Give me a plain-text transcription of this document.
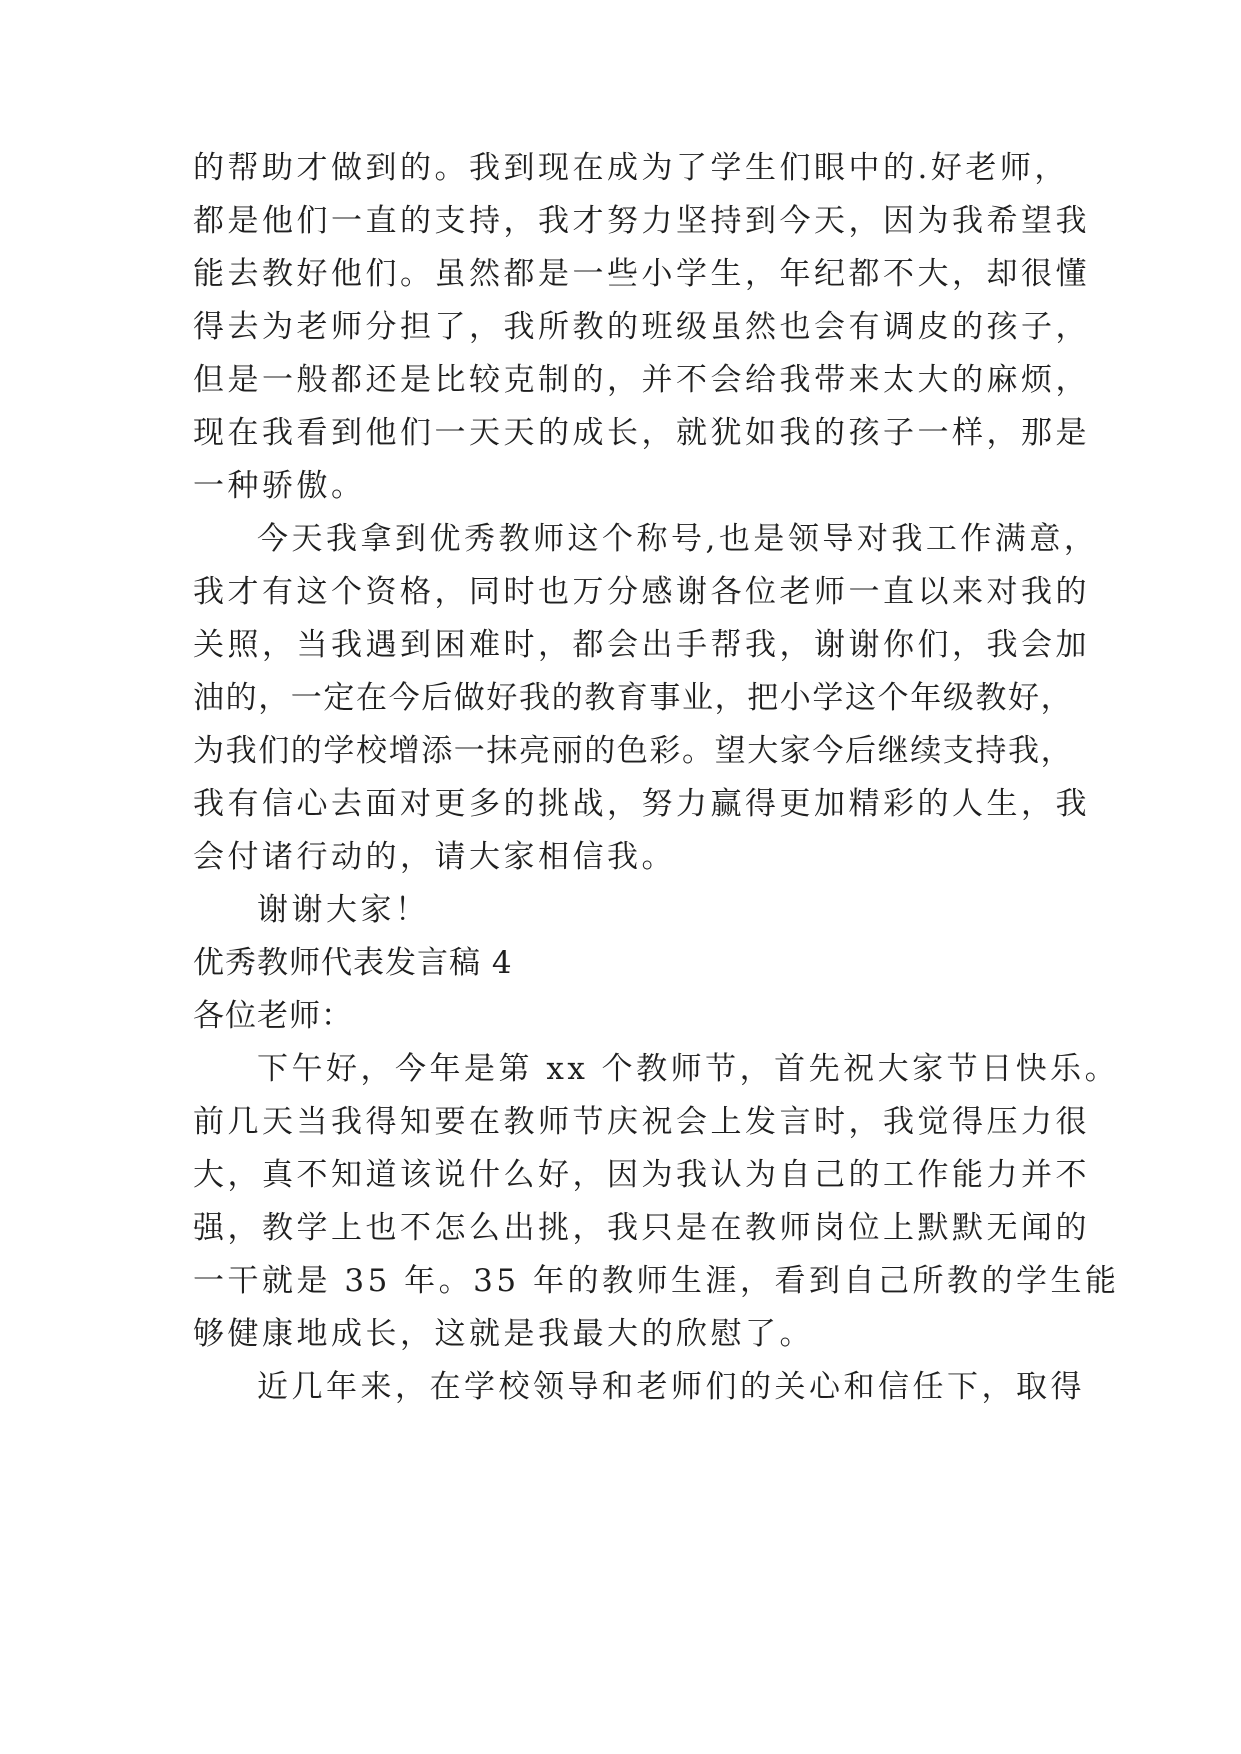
的帮助才做到的。我到现在成为了学生们眼中的.好老师，
都是他们一直的支持，我才努力坚持到今天，因为我希望我
能去教好他们。虽然都是一些小学生，年纪都不大，却很懂
得去为老师分担了，我所教的班级虽然也会有调皮的孩子，
但是一般都还是比较克制的，并不会给我带来太大的麻烦，
现在我看到他们一天天的成长，就犹如我的孩子一样，那是
一种骄傲。
今天我拿到优秀教师这个称号,也是领导对我工作满意，
我才有这个资格，同时也万分感谢各位老师一直以来对我的
关照，当我遇到困难时，都会出手帮我，谢谢你们，我会加
油的，一定在今后做好我的教育事业，把小学这个年级教好，
为我们的学校增添一抹亮丽的色彩。望大家今后继续支持我，
我有信心去面对更多的挑战，努力赢得更加精彩的人生，我
会付诸行动的，请大家相信我。
谢谢大家！
优秀教师代表发言稿 4
各位老师：
下午好，今年是第 xx 个教师节，首先祝大家节日快乐。
前几天当我得知要在教师节庆祝会上发言时，我觉得压力很
大，真不知道该说什么好，因为我认为自己的工作能力并不
强，教学上也不怎么出挑，我只是在教师岗位上默默无闻的
一干就是 35 年。35 年的教师生涯，看到自己所教的学生能
够健康地成长，这就是我最大的欣慰了。
近几年来，在学校领导和老师们的关心和信任下，取得
